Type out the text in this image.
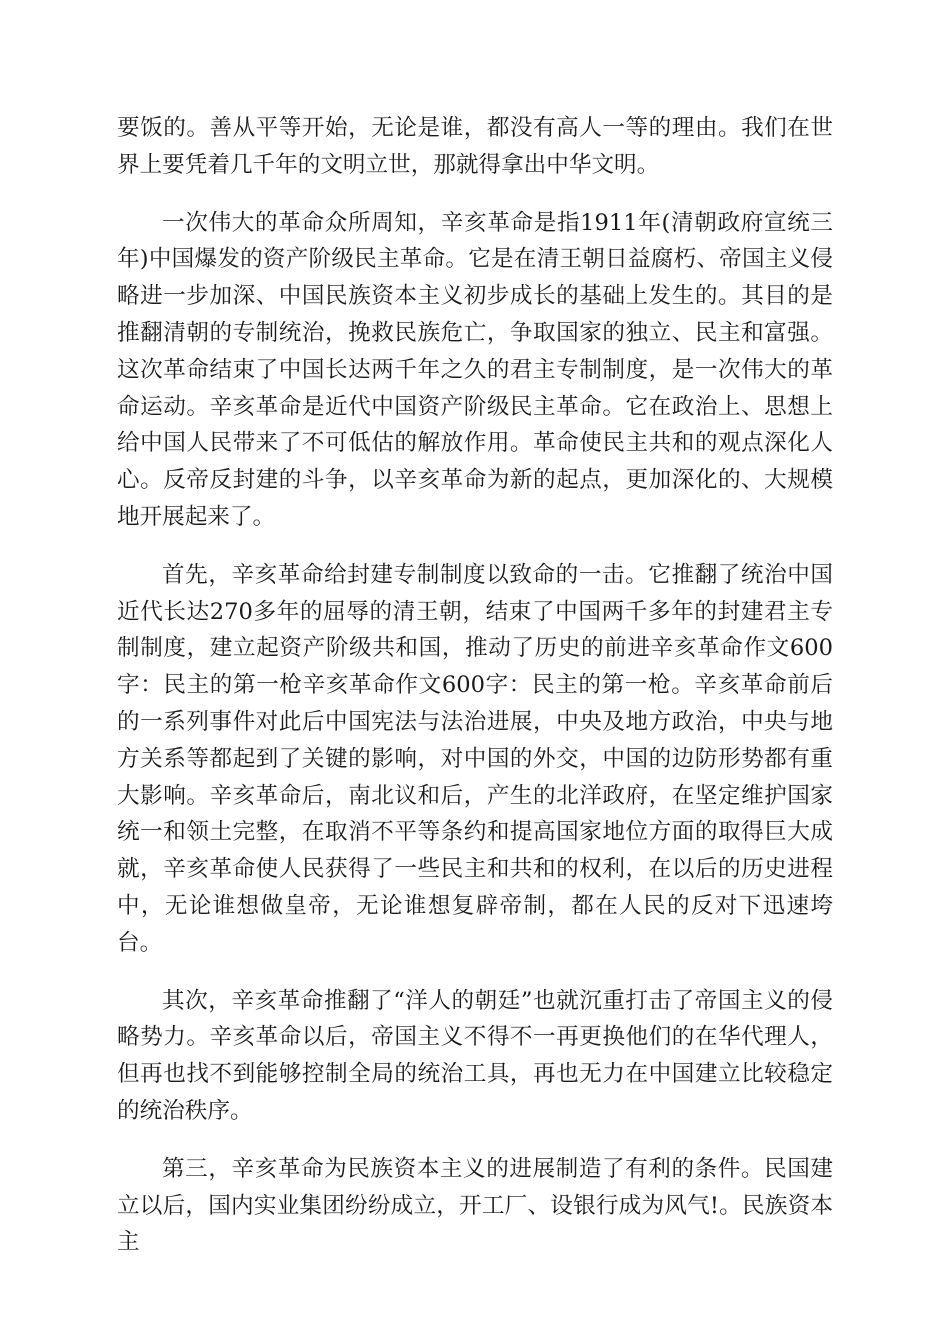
要饭的。善从平等开始，无论是谁，都没有高人一等的理由。我们在世界上要凭着几千年的文明立世，那就得拿出中华文明。

一次伟大的革命众所周知，辛亥革命是指1911年(清朝政府宣统三年)中国爆发的资产阶级民主革命。它是在清王朝日益腐朽、帝国主义侵略进一步加深、中国民族资本主义初步成长的基础上发生的。其目的是推翻清朝的专制统治，挽救民族危亡，争取国家的独立、民主和富强。这次革命结束了中国长达两千年之久的君主专制制度，是一次伟大的革命运动。辛亥革命是近代中国资产阶级民主革命。它在政治上、思想上给中国人民带来了不可低估的解放作用。革命使民主共和的观点深化人心。反帝反封建的斗争，以辛亥革命为新的起点，更加深化的、大规模地开展起来了。

首先，辛亥革命给封建专制制度以致命的一击。它推翻了统治中国近代长达270多年的屈辱的清王朝，结束了中国两千多年的封建君主专制制度，建立起资产阶级共和国，推动了历史的前进辛亥革命作文600字：民主的第一枪辛亥革命作文600字：民主的第一枪。辛亥革命前后的一系列事件对此后中国宪法与法治进展，中央及地方政治，中央与地方关系等都起到了关键的影响，对中国的外交，中国的边防形势都有重大影响。辛亥革命后，南北议和后，产生的北洋政府，在坚定维护国家统一和领土完整，在取消不平等条约和提高国家地位方面的取得巨大成就，辛亥革命使人民获得了一些民主和共和的权利，在以后的历史进程中，无论谁想做皇帝，无论谁想复辟帝制，都在人民的反对下迅速垮台。

其次，辛亥革命推翻了“洋人的朝廷”也就沉重打击了帝国主义的侵略势力。辛亥革命以后，帝国主义不得不一再更换他们的在华代理人，但再也找不到能够控制全局的统治工具，再也无力在中国建立比较稳定的统治秩序。

第三，辛亥革命为民族资本主义的进展制造了有利的条件。民国建立以后，国内实业集团纷纷成立，开工厂、设银行成为风气!。民族资本主
